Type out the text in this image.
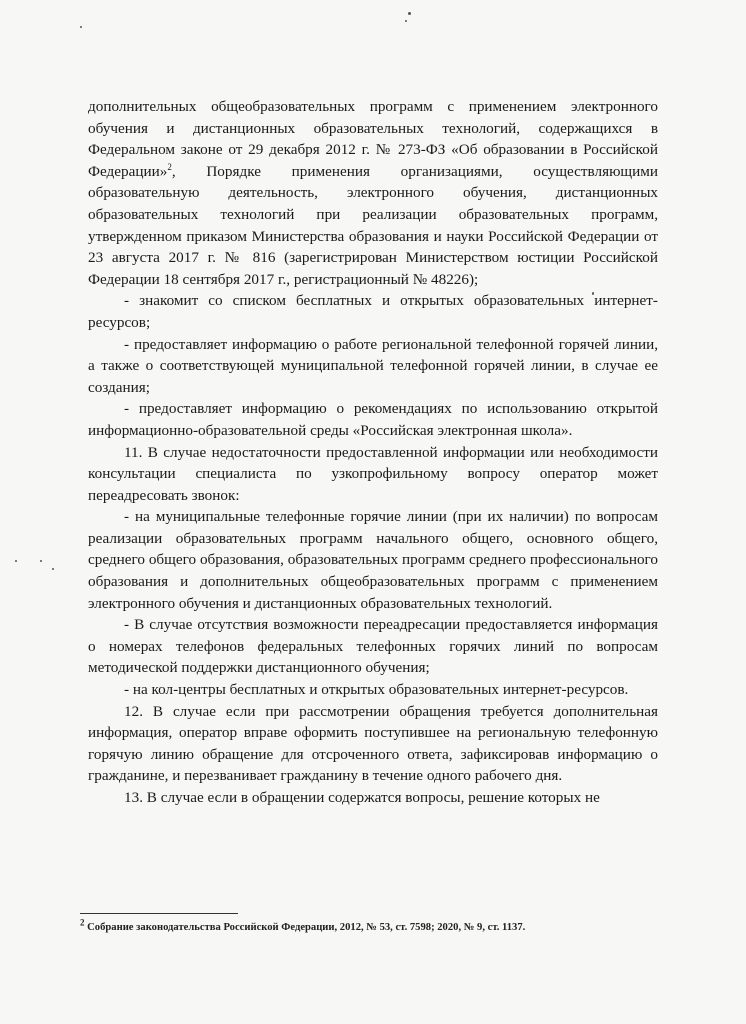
дополнительных общеобразовательных программ с применением электронного обучения и дистанционных образовательных технологий, содержащихся в Федеральном законе от 29 декабря 2012 г. № 273-ФЗ «Об образовании в Российской Федерации»$^2$, Порядке применения организациями, осуществляющими образовательную деятельность, электронного обучения, дистанционных образовательных технологий при реализации образовательных программ, утвержденном приказом Министерства образования и науки Российской Федерации от 23 августа 2017 г. № 816 (зарегистрирован Министерством юстиции Российской Федерации 18 сентября 2017 г., регистрационный № 48226);

- знакомит со списком бесплатных и открытых образовательных интернет-ресурсов;

- предоставляет информацию о работе региональной телефонной горячей линии, а также о соответствующей муниципальной телефонной горячей линии, в случае ее создания;

- предоставляет информацию о рекомендациях по использованию открытой информационно-образовательной среды «Российская электронная школа».

11. В случае недостаточности предоставленной информации или необходимости консультации специалиста по узкопрофильному вопросу оператор может переадресовать звонок:

- на муниципальные телефонные горячие линии (при их наличии) по вопросам реализации образовательных программ начального общего, основного общего, среднего общего образования, образовательных программ среднего профессионального образования и дополнительных общеобразовательных программ с применением электронного обучения и дистанционных образовательных технологий.

- В случае отсутствия возможности переадресации предоставляется информация о номерах телефонов федеральных телефонных горячих линий по вопросам методической поддержки дистанционного обучения;

- на кол-центры бесплатных и открытых образовательных интернет-ресурсов.

12. В случае если при рассмотрении обращения требуется дополнительная информация, оператор вправе оформить поступившее на региональную телефонную горячую линию обращение для отсроченного ответа, зафиксировав информацию о гражданине, и перезванивает гражданину в течение одного рабочего дня.

13. В случае если в обращении содержатся вопросы, решение которых не

$^2$ Собрание законодательства Российской Федерации, 2012, № 53, ст. 7598; 2020, № 9, ст. 1137.
